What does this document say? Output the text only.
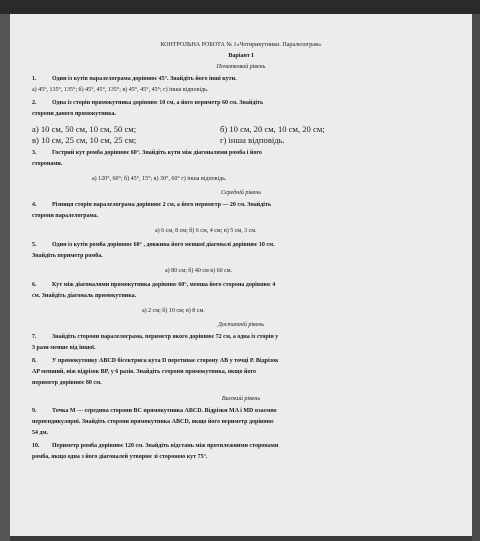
КОНТРОЛЬНА РОБОТА № 1«Чотирикутники. Паралелограм»
Варіант І
Початковий рівень
1.	Один із кутів паралелограма дорівнює 45°. Знайдіть його інші кути.
а) 45°, 135°, 135°; б) 45°, 45°, 135°; в) 45°, 45°, 45°; г) інша відповідь.
2.	Одна із сторін прямокутника дорівнює 10 см, а його периметр 60 см. Знайдіть
сторони даного прямокутника.
а) 10 см, 50 см, 10 см, 50 см;	б) 10 см, 20 см, 10 см, 20 см;
в) 10 см, 25 см, 10 см, 25 см;	г) інша відповідь.
3.	Гострий кут ромба дорівнює 60°. Знайдіть кути між діагоналями ромба і його
сторонами.
а) 120°, 60°; б) 45°, 15°; в) 30°, 60° г) інша відповідь.
Середній рівень
4.	Різниця сторін паралелограма дорівнює 2 см, а його периметр — 20 см. Знайдіть
сторони паралелограма.
а) 6 см, 8 см; б) 6 см, 4 см; в) 5 см, 3 см.
5.	Один із кутів ромба дорівнює 60° , довжина його меншої діагоналі дорівнює 10 см.
Знайдіть периметр ромба.
а) 80 см; б) 40 см в) 60 см.
6.	Кут між діагоналями прямокутника дорівнює 60°, менша його сторона дорівнює 4
см. Знайдіть діагональ прямокутника.
а) 2 см; б) 10 см; в) 8 см.
Достатній рівень
7.	Знайдіть сторони паралелограма, периметр якого дорівнює 72 см, а одна із сторін у
3 рази менше від іншої.
8.	У прямокутнику ABCD бісектриса кута D перетинає сторону AB у точці P. Відрізок
AP менший, ніж відрізок BP, у 6 разів. Знайдіть сторони прямокутника, якщо його
периметр дорівнює 80 см.
Високий рівень
9.	Точка M — середина сторони BC прямокутника ABCD. Відрізки MA і MD взаємно
перпендикулярні. Знайдіть сторони прямокутника ABCD, якщо його периметр дорівнює
54 дм.
10. Периметр ромба дорівнює 120 см. Знайдіть відстань між протилежними сторонами
ромба, якщо одна з його діагоналей утворює зі стороною кут 75°.
